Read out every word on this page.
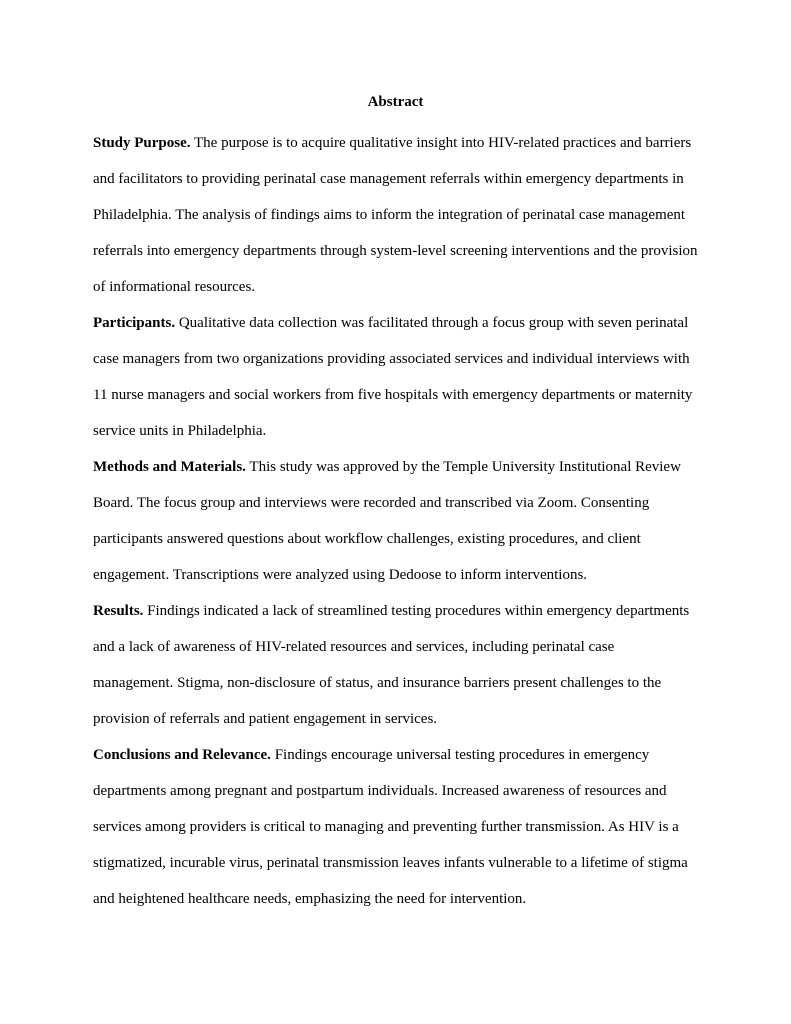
Abstract

Study Purpose. The purpose is to acquire qualitative insight into HIV-related practices and barriers and facilitators to providing perinatal case management referrals within emergency departments in Philadelphia. The analysis of findings aims to inform the integration of perinatal case management referrals into emergency departments through system-level screening interventions and the provision of informational resources.

Participants. Qualitative data collection was facilitated through a focus group with seven perinatal case managers from two organizations providing associated services and individual interviews with 11 nurse managers and social workers from five hospitals with emergency departments or maternity service units in Philadelphia.

Methods and Materials. This study was approved by the Temple University Institutional Review Board. The focus group and interviews were recorded and transcribed via Zoom. Consenting participants answered questions about workflow challenges, existing procedures, and client engagement. Transcriptions were analyzed using Dedoose to inform interventions.

Results. Findings indicated a lack of streamlined testing procedures within emergency departments and a lack of awareness of HIV-related resources and services, including perinatal case management. Stigma, non-disclosure of status, and insurance barriers present challenges to the provision of referrals and patient engagement in services.

Conclusions and Relevance. Findings encourage universal testing procedures in emergency departments among pregnant and postpartum individuals. Increased awareness of resources and services among providers is critical to managing and preventing further transmission. As HIV is a stigmatized, incurable virus, perinatal transmission leaves infants vulnerable to a lifetime of stigma and heightened healthcare needs, emphasizing the need for intervention.
